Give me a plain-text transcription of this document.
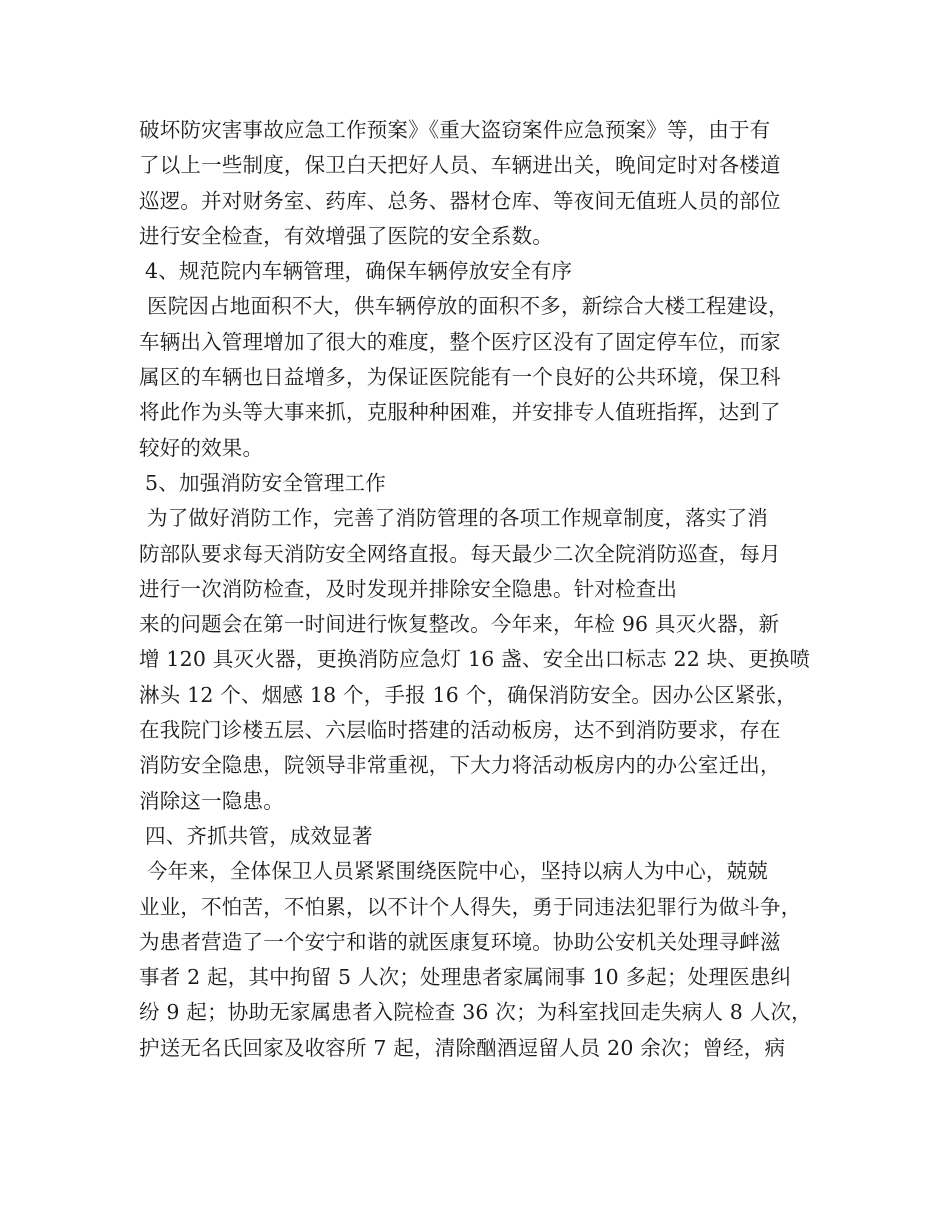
破坏防灾害事故应急工作预案》《重大盗窃案件应急预案》等，由于有
了以上一些制度，保卫白天把好人员、车辆进出关，晚间定时对各楼道
巡逻。并对财务室、药库、总务、器材仓库、等夜间无值班人员的部位
进行安全检查，有效增强了医院的安全系数。
4、规范院内车辆管理，确保车辆停放安全有序
医院因占地面积不大，供车辆停放的面积不多，新综合大楼工程建设，
车辆出入管理增加了很大的难度，整个医疗区没有了固定停车位，而家
属区的车辆也日益增多，为保证医院能有一个良好的公共环境，保卫科
将此作为头等大事来抓，克服种种困难，并安排专人值班指挥，达到了
较好的效果。
5、加强消防安全管理工作
为了做好消防工作，完善了消防管理的各项工作规章制度，落实了消
防部队要求每天消防安全网络直报。每天最少二次全院消防巡查，每月
进行一次消防检查，及时发现并排除安全隐患。针对检查出
来的问题会在第一时间进行恢复整改。今年来，年检 96 具灭火器，新
增 120 具灭火器，更换消防应急灯 16 盏、安全出口标志 22 块、更换喷
淋头 12 个、烟感 18 个，手报 16 个，确保消防安全。因办公区紧张，
在我院门诊楼五层、六层临时搭建的活动板房，达不到消防要求，存在
消防安全隐患，院领导非常重视，下大力将活动板房内的办公室迁出，
消除这一隐患。
四、齐抓共管，成效显著
今年来，全体保卫人员紧紧围绕医院中心，坚持以病人为中心，兢兢
业业，不怕苦，不怕累，以不计个人得失，勇于同违法犯罪行为做斗争，
为患者营造了一个安宁和谐的就医康复环境。协助公安机关处理寻衅滋
事者 2 起，其中拘留 5 人次；处理患者家属闹事 10 多起；处理医患纠
纷 9 起；协助无家属患者入院检查 36 次；为科室找回走失病人 8 人次，
护送无名氏回家及收容所 7 起，清除酗酒逗留人员 20 余次；曾经，病
